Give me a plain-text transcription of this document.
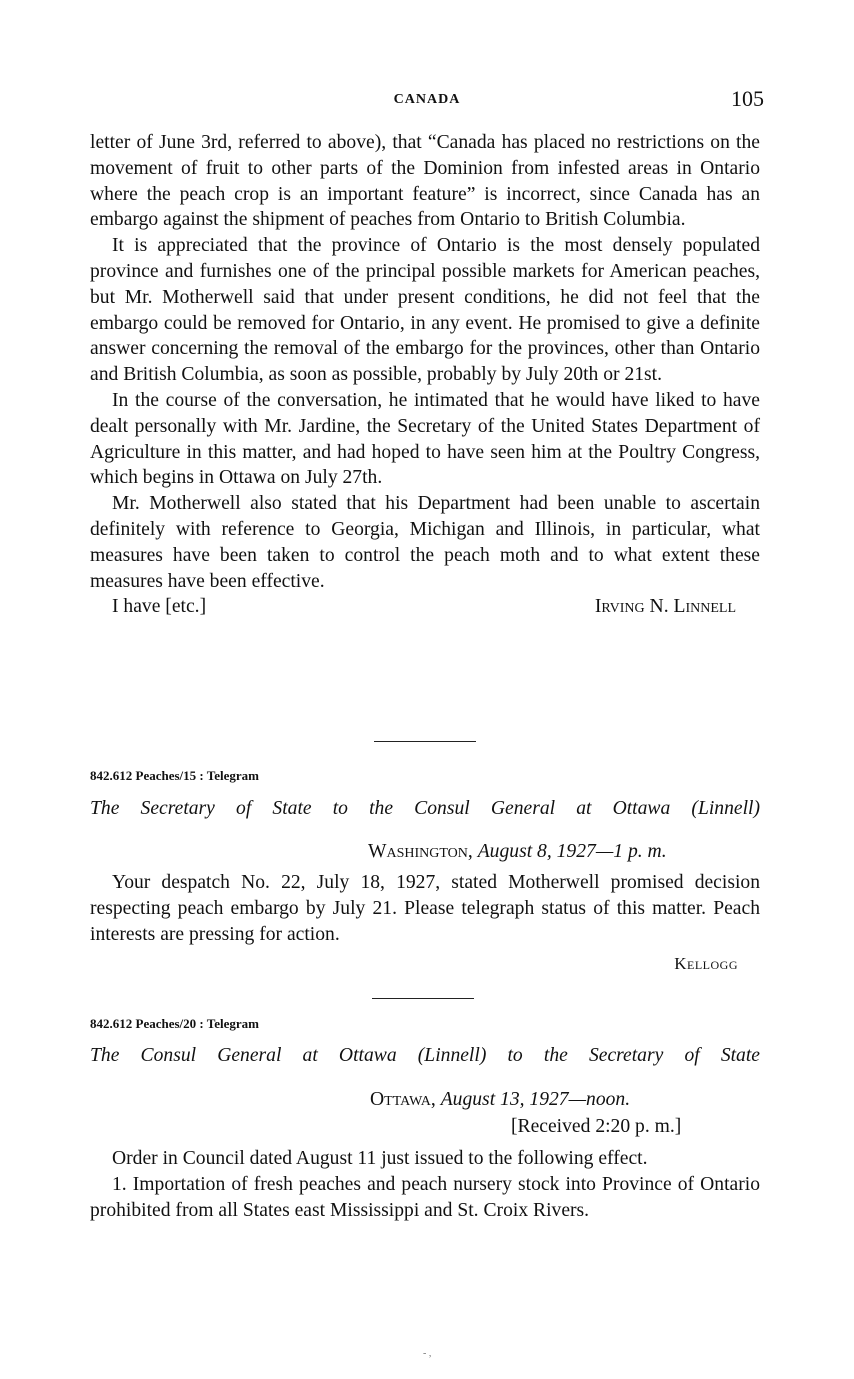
CANADA	105

letter of June 3rd, referred to above), that “Canada has placed no restrictions on the movement of fruit to other parts of the Dominion from infested areas in Ontario where the peach crop is an important feature” is incorrect, since Canada has an embargo against the shipment of peaches from Ontario to British Columbia.

It is appreciated that the province of Ontario is the most densely populated province and furnishes one of the principal possible markets for American peaches, but Mr. Motherwell said that under present conditions, he did not feel that the embargo could be removed for Ontario, in any event. He promised to give a definite answer concerning the removal of the embargo for the provinces, other than Ontario and British Columbia, as soon as possible, probably by July 20th or 21st.

In the course of the conversation, he intimated that he would have liked to have dealt personally with Mr. Jardine, the Secretary of the United States Department of Agriculture in this matter, and had hoped to have seen him at the Poultry Congress, which begins in Ottawa on July 27th.

Mr. Motherwell also stated that his Department had been unable to ascertain definitely with reference to Georgia, Michigan and Illinois, in particular, what measures have been taken to control the peach moth and to what extent these measures have been effective.

I have [etc.]	Irving N. Linnell
842.612 Peaches/15 : Telegram
The Secretary of State to the Consul General at Ottawa (Linnell)
Washington, August 8, 1927—1 p. m.
Your despatch No. 22, July 18, 1927, stated Motherwell promised decision respecting peach embargo by July 21. Please telegraph status of this matter. Peach interests are pressing for action.
Kellogg
842.612 Peaches/20 : Telegram
The Consul General at Ottawa (Linnell) to the Secretary of State
Ottawa, August 13, 1927—noon.
[Received 2:20 p. m.]

Order in Council dated August 11 just issued to the following effect.

1. Importation of fresh peaches and peach nursery stock into Province of Ontario prohibited from all States east Mississippi and St. Croix Rivers.

- ,
